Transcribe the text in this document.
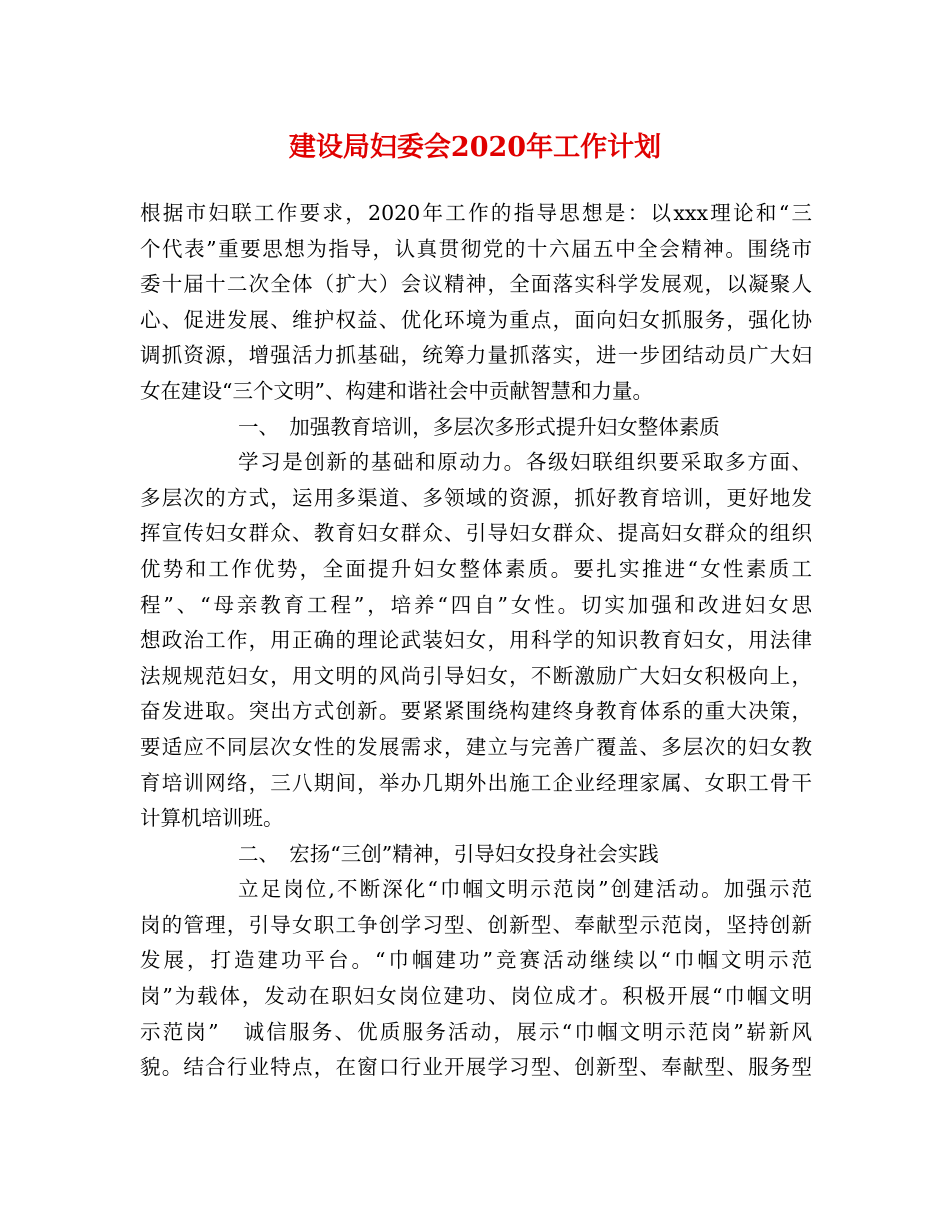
建设局妇委会2020年工作计划
根据市妇联工作要求，2020年工作的指导思想是：以xxx理论和“三
个代表”重要思想为指导，认真贯彻党的十六届五中全会精神。围绕市
委十届十二次全体（扩大）会议精神，全面落实科学发展观，以凝聚人
心、促进发展、维护权益、优化环境为重点，面向妇女抓服务，强化协
调抓资源，增强活力抓基础，统筹力量抓落实，进一步团结动员广大妇
女在建设“三个文明”、构建和谐社会中贡献智慧和力量。
一、　加强教育培训，多层次多形式提升妇女整体素质
学习是创新的基础和原动力。各级妇联组织要采取多方面、
多层次的方式，运用多渠道、多领域的资源，抓好教育培训，更好地发
挥宣传妇女群众、教育妇女群众、引导妇女群众、提高妇女群众的组织
优势和工作优势，全面提升妇女整体素质。要扎实推进“女性素质工
程”、“母亲教育工程”，培养“四自”女性。切实加强和改进妇女思
想政治工作，用正确的理论武装妇女，用科学的知识教育妇女，用法律
法规规范妇女，用文明的风尚引导妇女，不断激励广大妇女积极向上，
奋发进取。突出方式创新。要紧紧围绕构建终身教育体系的重大决策，
要适应不同层次女性的发展需求，建立与完善广覆盖、多层次的妇女教
育培训网络，三八期间，举办几期外出施工企业经理家属、女职工骨干
计算机培训班。
二、　宏扬“三创”精神，引导妇女投身社会实践
立足岗位,不断深化“巾帼文明示范岗”创建活动。加强示范
岗的管理，引导女职工争创学习型、创新型、奉献型示范岗，坚持创新
发展，打造建功平台。“巾帼建功”竞赛活动继续以“巾帼文明示范
岗”为载体，发动在职妇女岗位建功、岗位成才。积极开展“巾帼文明
示范岗”　诚信服务、优质服务活动，展示“巾帼文明示范岗”崭新风
貌。结合行业特点，在窗口行业开展学习型、创新型、奉献型、服务型
